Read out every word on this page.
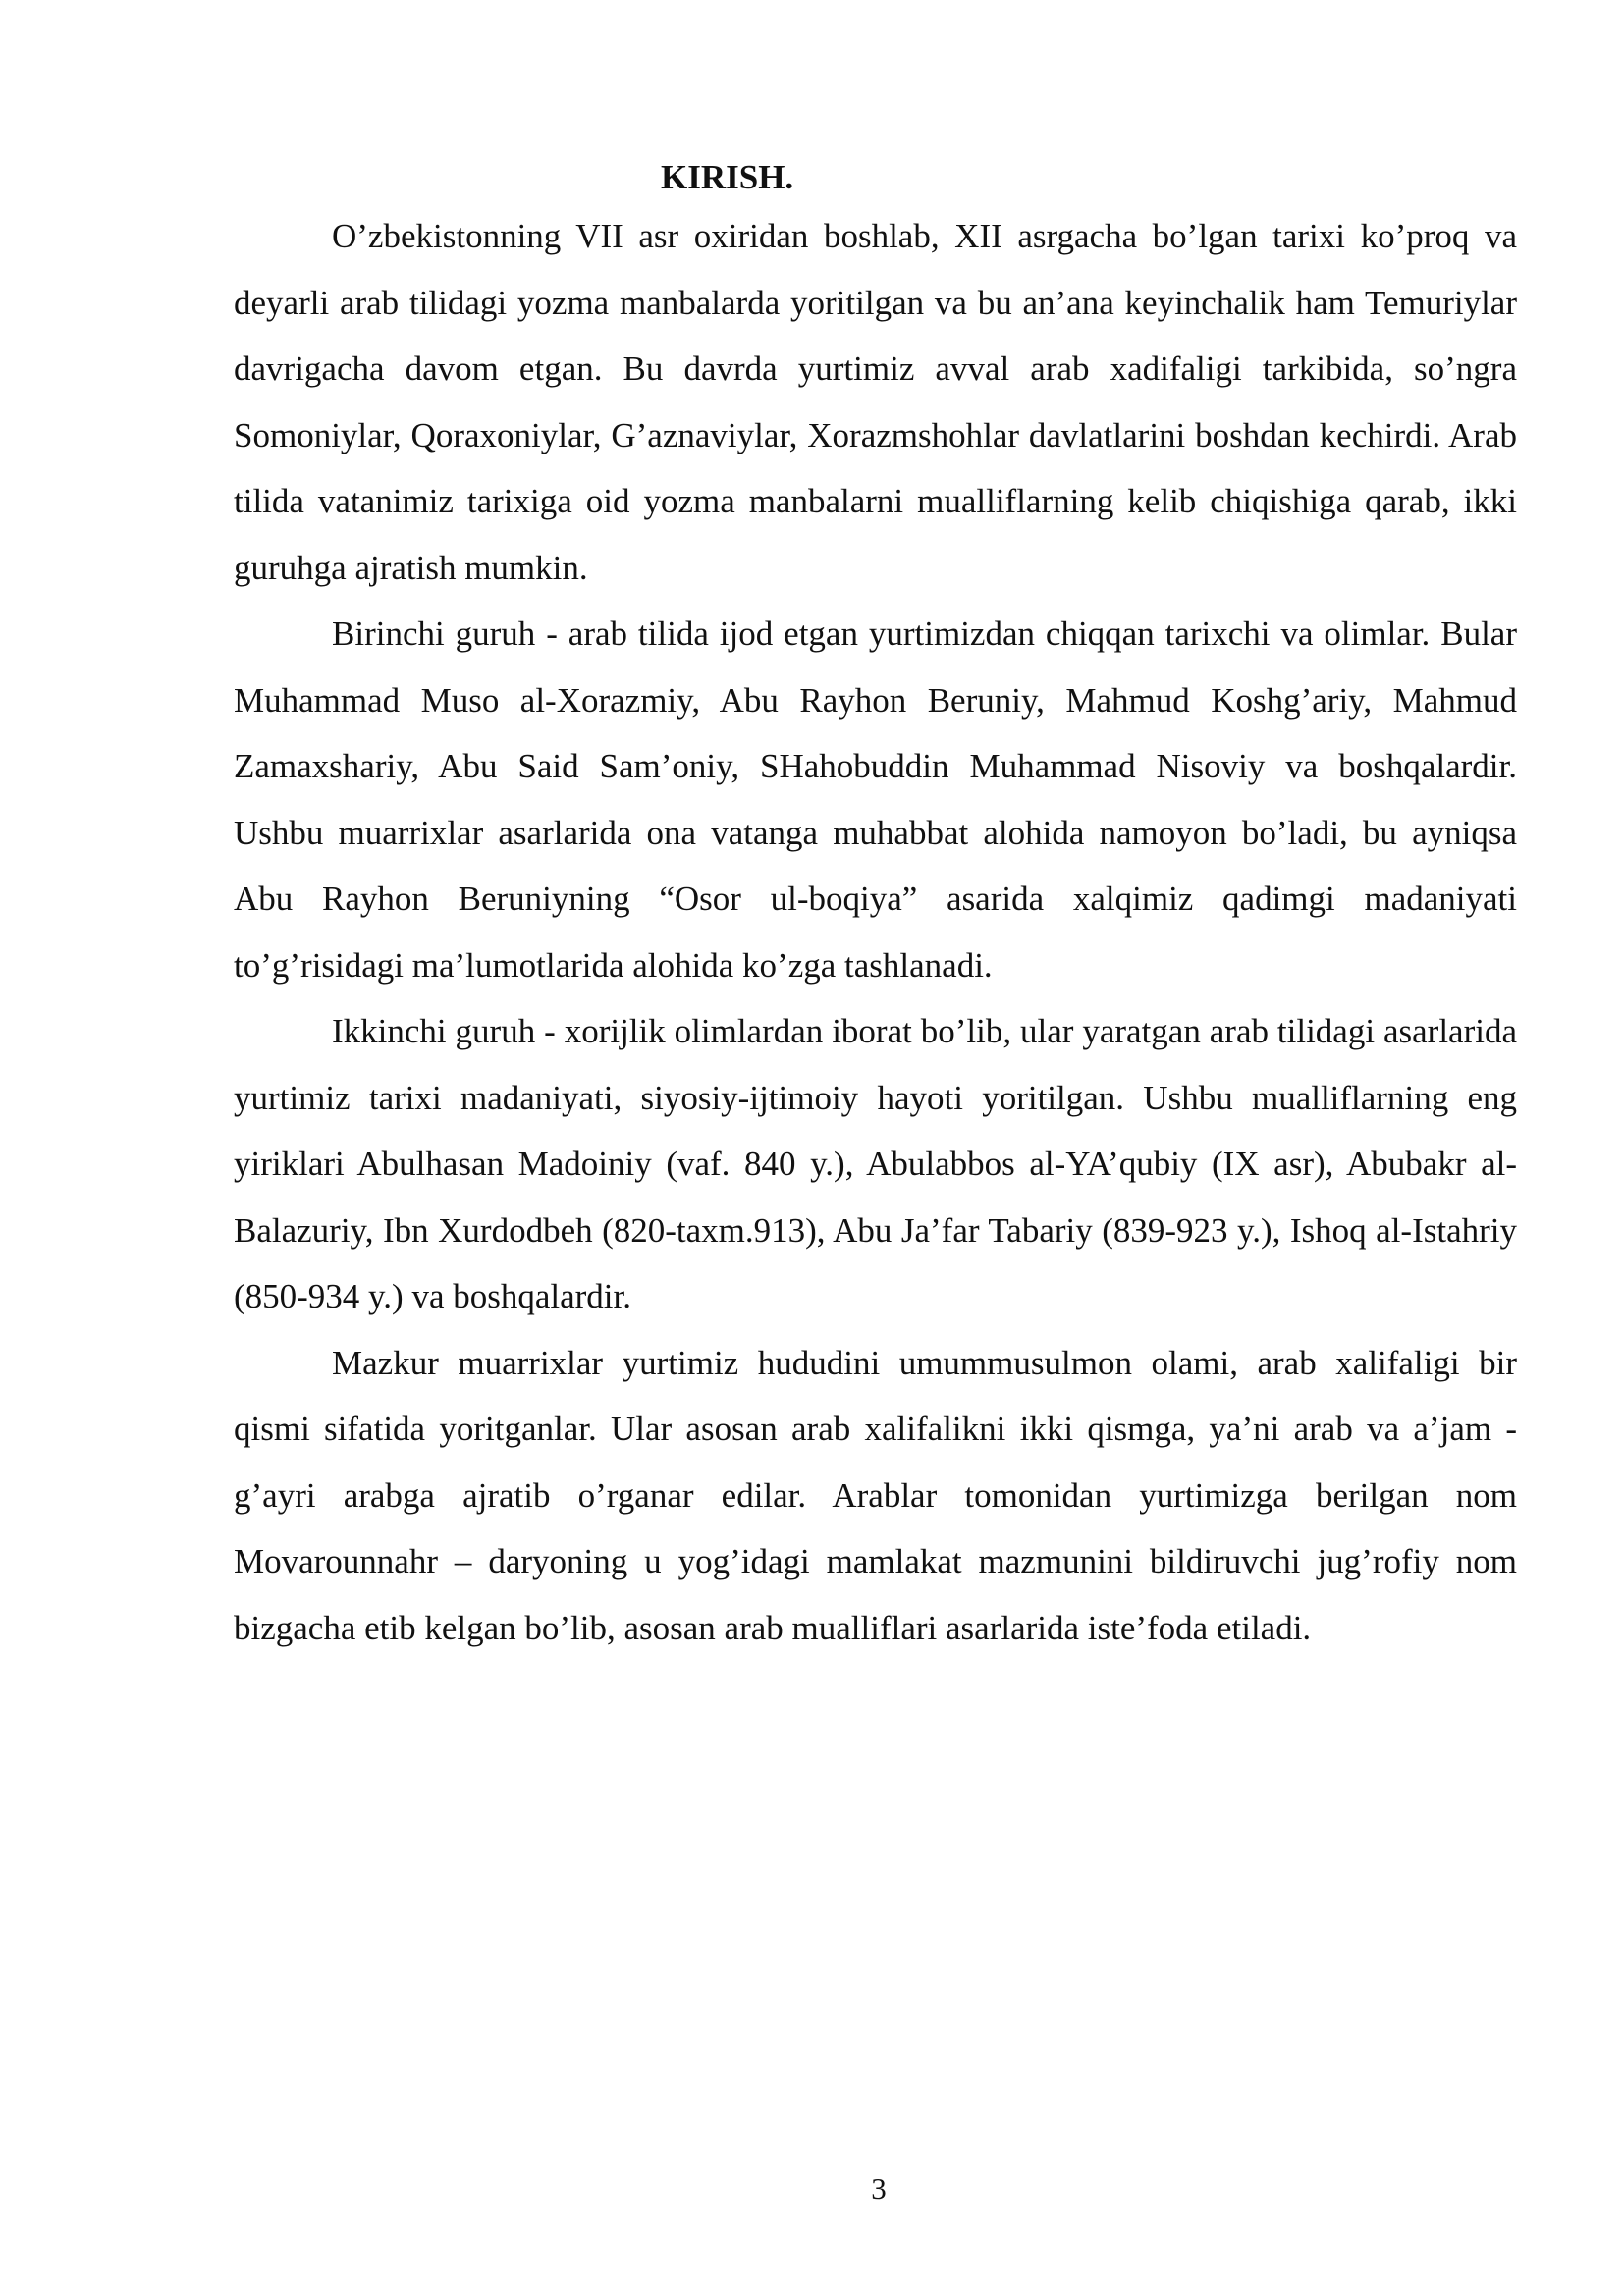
KIRISH.

O’zbekistonning VII asr oxiridan boshlab, XII asrgacha bo’lgan tarixi ko’proq va deyarli arab tilidagi yozma manbalarda yoritilgan va bu an’ana keyinchalik ham Temuriylar davrigacha davom etgan. Bu davrda yurtimiz avval arab xadifaligi tarkibida, so’ngra Somoniylar, Qoraxoniylar, G’aznaviylar, Xorazmshohlar davlatlarini boshdan kechirdi. Arab tilida vatanimiz tarixiga oid yozma manbalarni mualliflarning kelib chiqishiga qarab, ikki guruhga ajratish mumkin.

Birinchi guruh - arab tilida ijod etgan yurtimizdan chiqqan tarixchi va olimlar. Bular Muhammad Muso al-Xorazmiy, Abu Rayhon Beruniy, Mahmud Koshg’ariy, Mahmud Zamaxshariy, Abu Said Sam’oniy, SHahobuddin Muhammad Nisoviy va boshqalardir. Ushbu muarrixlar asarlarida ona vatanga muhabbat alohida namoyon bo’ladi, bu ayniqsa Abu Rayhon Beruniyning “Osor ul-boqiya” asarida xalqimiz qadimgi madaniyati to’g’risidagi ma’lumotlarida alohida ko’zga tashlanadi.

Ikkinchi guruh - xorijlik olimlardan iborat bo’lib, ular yaratgan arab tilidagi asarlarida yurtimiz tarixi madaniyati, siyosiy-ijtimoiy hayoti yoritilgan. Ushbu mualliflarning eng yiriklari Abulhasan Madoiniy (vaf. 840 y.), Abulabbos al-YA’qubiy (IX asr), Abubakr al-Balazuriy, Ibn Xurdodbeh (820-taxm.913), Abu Ja’far Tabariy (839-923 y.), Ishoq al-Istahriy (850-934 y.) va boshqalardir.

Mazkur muarrixlar yurtimiz hududini umummusulmon olami, arab xalifaligi bir qismi sifatida yoritganlar. Ular asosan arab xalifalikni ikki qismga, ya’ni arab va a’jam - g’ayri arabga ajratib o’rganar edilar. Arablar tomonidan yurtimizga berilgan nom Movarounnahr – daryoning u yog’idagi mamlakat mazmunini bildiruvchi jug’rofiy nom bizgacha etib kelgan bo’lib, asosan arab mualliflari asarlarida iste’foda etiladi.

3
